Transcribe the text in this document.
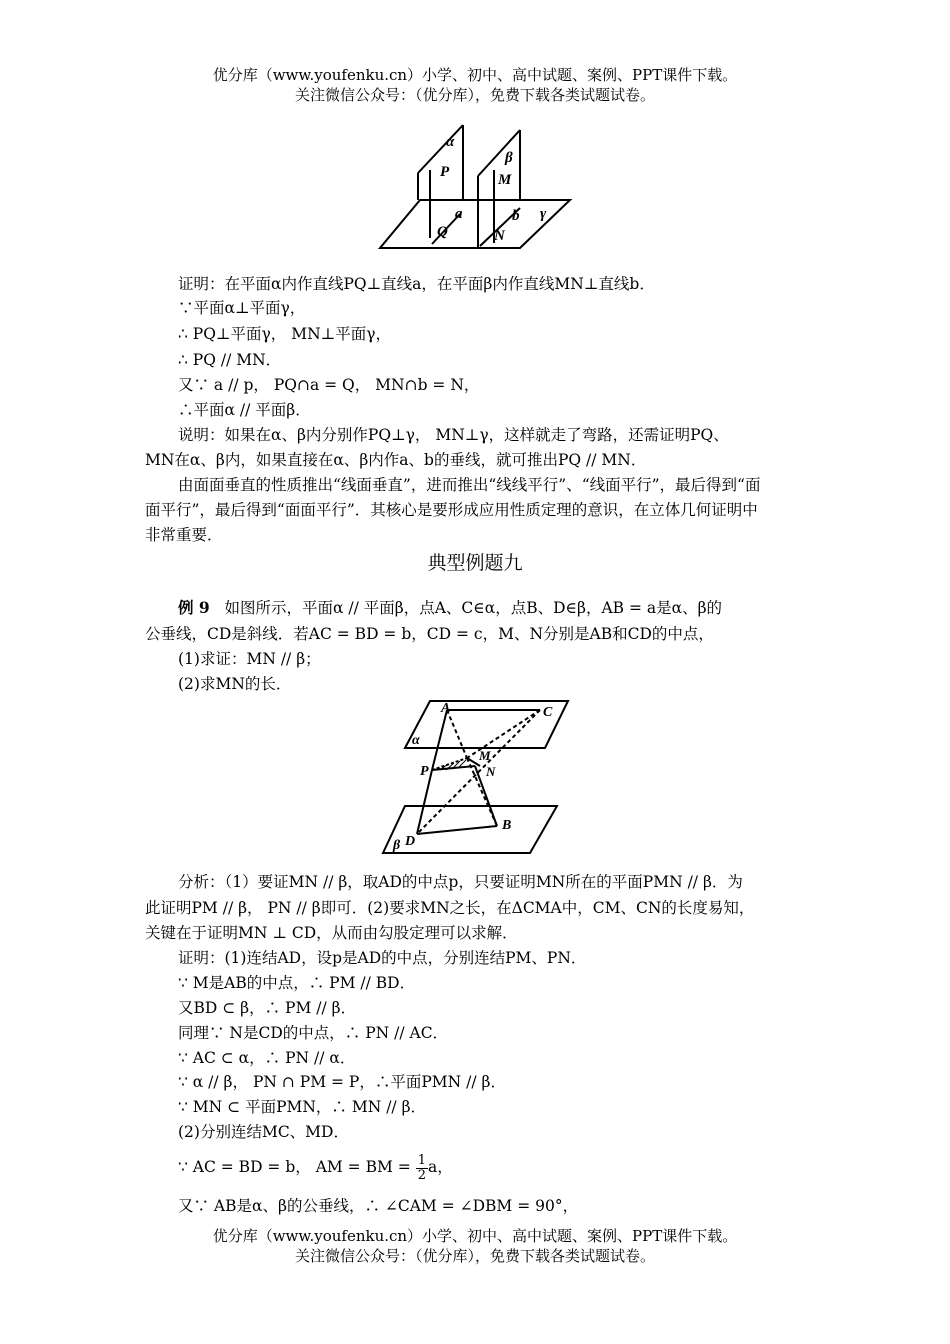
优分库（www.youfenku.cn）小学、初中、高中试题、案例、PPT课件下载。
关注微信公众号：（优分库），免费下载各类试题试卷。
α
β
P	M
a	b γ
Q	N
证明：在平面α内作直线PQ⊥直线a，在平面β内作直线MN⊥直线b．
∵平面α⊥平面γ，
∴ PQ⊥平面γ， MN⊥平面γ，
∴ PQ // MN．
又∵ a // p， PQ∩a = Q， MN∩b = N，
∴平面α // 平面β．
说明：如果在α、β内分别作PQ⊥γ， MN⊥γ，这样就走了弯路，还需证明PQ、
MN在α、β内，如果直接在α、β内作a、b的垂线，就可推出PQ // MN．
由面面垂直的性质推出“线面垂直”，进而推出“线线平行”、“线面平行”，最后得到“面
面平行”，最后得到“面面平行”．其核心是要形成应用性质定理的意识，在立体几何证明中
非常重要．
典型例题九
例 9 如图所示，平面α // 平面β，点A、C∈α，点B、D∈β，AB = a是α、β的
公垂线，CD是斜线．若AC = BD = b，CD = c，M、N分别是AB和CD的中点，
(1)求证：MN // β；
(2)求MN的长．
A	C
α
M
P	N
B
β D
分析：（1）要证MN // β，取AD的中点p，只要证明MN所在的平面PMN // β．为
此证明PM // β， PN // β即可．(2)要求MN之长，在ΔCMA中，CM、CN的长度易知，
关键在于证明MN ⊥ CD，从而由勾股定理可以求解．
证明：(1)连结AD，设p是AD的中点，分别连结PM、PN．
∵ M是AB的中点，∴ PM // BD．
又BD ⊂ β，∴ PM // β．
同理∵ N是CD的中点，∴ PN // AC．
∵ AC ⊂ α，∴ PN // α．
∵ α // β， PN ∩ PM = P，∴平面PMN // β．
∵ MN ⊂ 平面PMN，∴ MN // β．
(2)分别连结MC、MD．
∵ AC = BD = b， AM = BM = $\frac{1}{2}$ a，
又∵ AB是α、β的公垂线，∴ ∠CAM = ∠DBM = 90°，
优分库（www.youfenku.cn）小学、初中、高中试题、案例、PPT课件下载。
关注微信公众号：（优分库），免费下载各类试题试卷。
